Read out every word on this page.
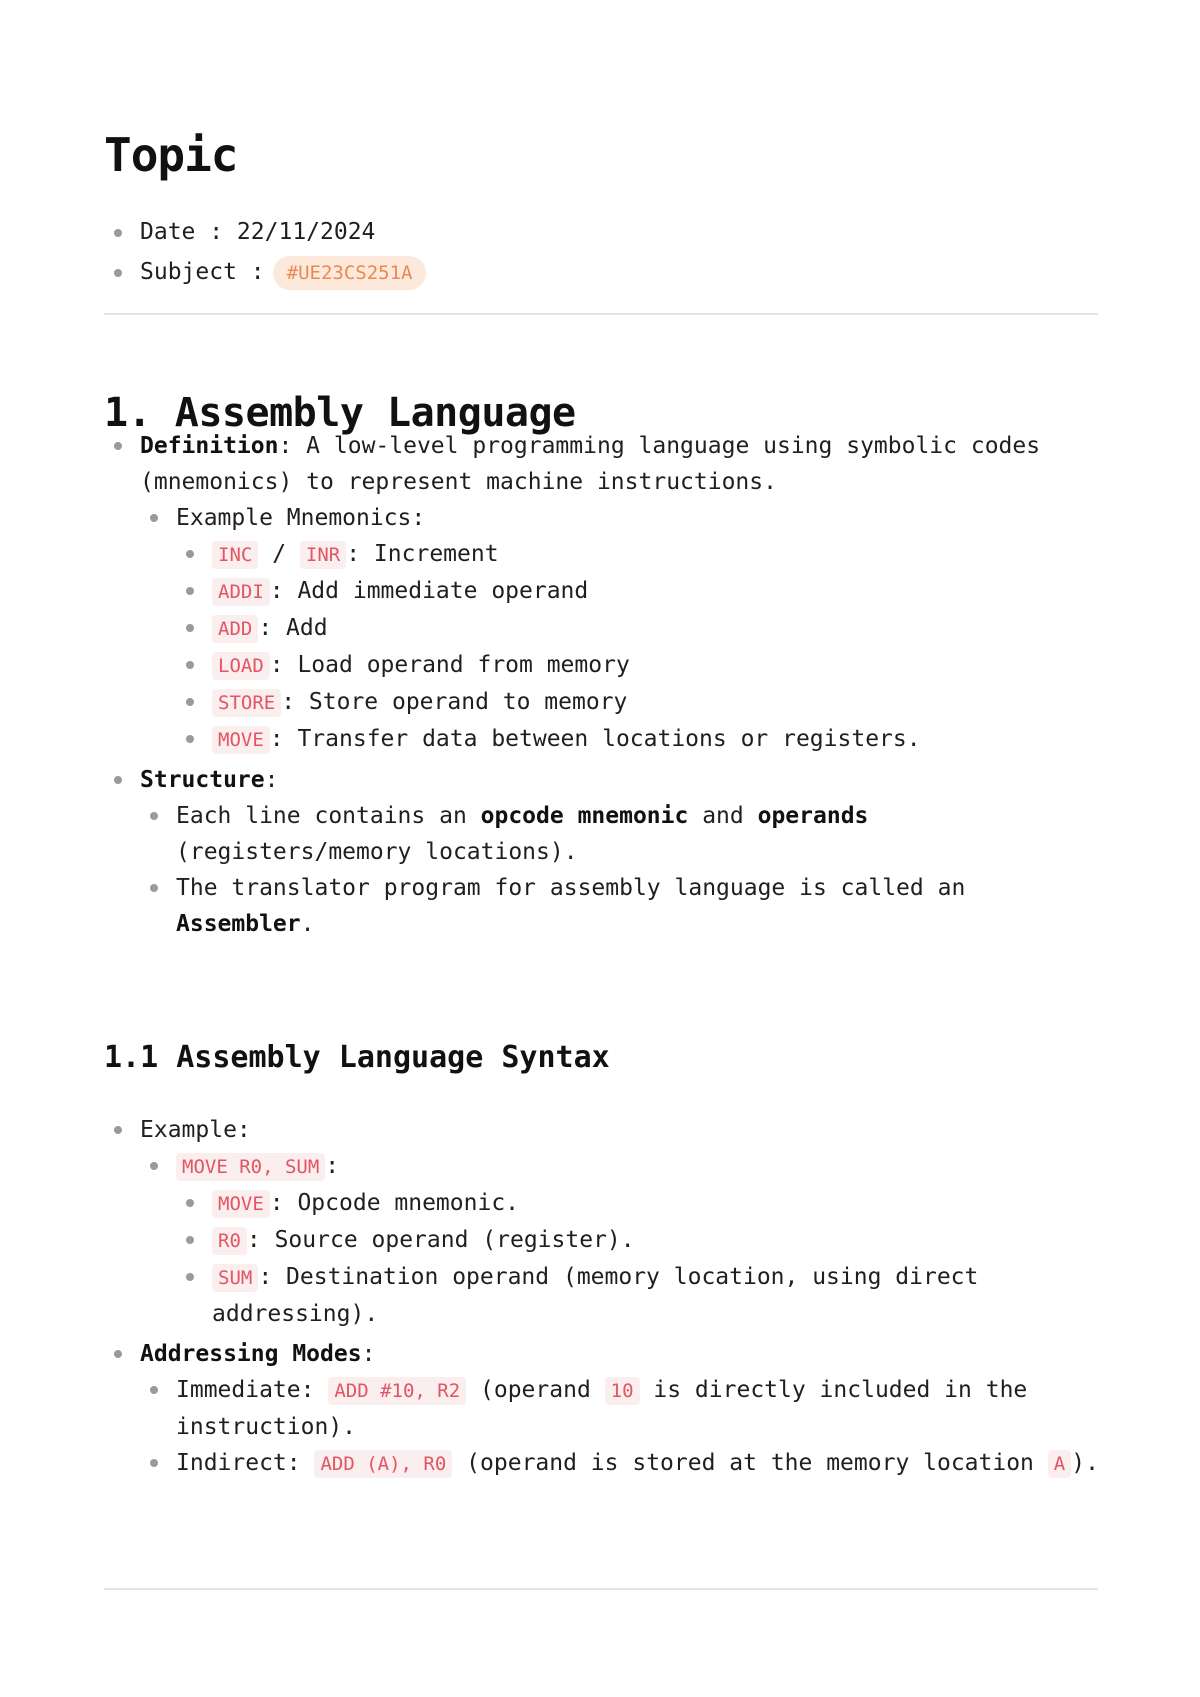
Topic
Date : 22/11/2024
Subject : #UE23CS251A
1. Assembly Language
Definition: A low-level programming language using symbolic codes (mnemonics) to represent machine instructions.
Example Mnemonics:
INC / INR : Increment
ADDI : Add immediate operand
ADD : Add
LOAD : Load operand from memory
STORE : Store operand to memory
MOVE : Transfer data between locations or registers.
Structure:
Each line contains an opcode mnemonic and operands (registers/memory locations).
The translator program for assembly language is called an Assembler.
1.1 Assembly Language Syntax
Example:
MOVE R0, SUM :
MOVE : Opcode mnemonic.
R0 : Source operand (register).
SUM : Destination operand (memory location, using direct addressing).
Addressing Modes:
Immediate: ADD #10, R2 (operand 10 is directly included in the instruction).
Indirect: ADD (A), R0 (operand is stored at the memory location A ).
